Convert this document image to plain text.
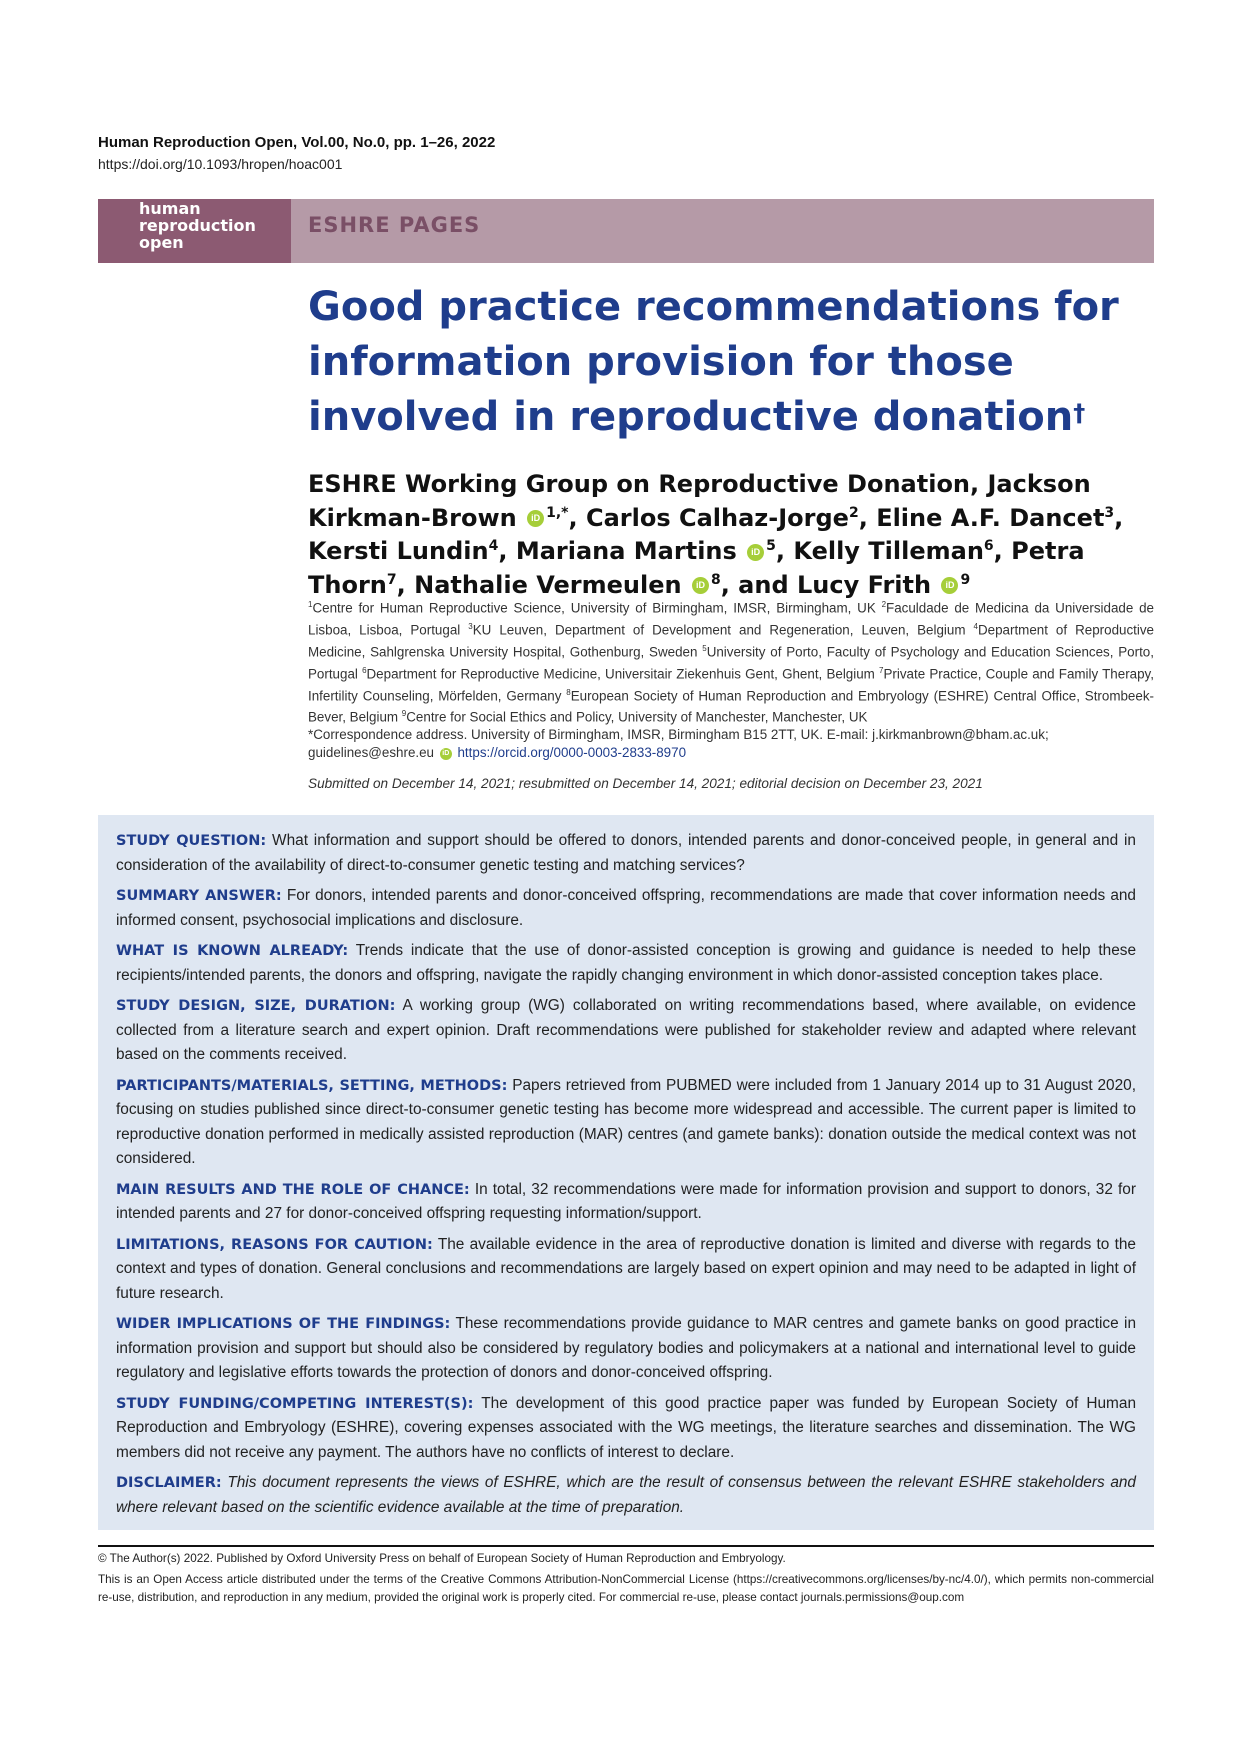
Human Reproduction Open, Vol.00, No.0, pp. 1–26, 2022
https://doi.org/10.1093/hropen/hoac001
human
reproduction
open
ESHRE PAGES
Good practice recommendations for information provision for those involved in reproductive donation†

ESHRE Working Group on Reproductive Donation, Jackson Kirkman-Brown iD $^{1,*}$, Carlos Calhaz-Jorge$^2$, Eline A.F. Dancet$^3$, Kersti Lundin$^4$, Mariana Martins iD $^5$, Kelly Tilleman$^6$, Petra Thorn$^7$, Nathalie Vermeulen iD $^8$, and Lucy Frith iD $^9$

$^1$Centre for Human Reproductive Science, University of Birmingham, IMSR, Birmingham, UK $^2$Faculdade de Medicina da Universidade de Lisboa, Lisboa, Portugal $^3$KU Leuven, Department of Development and Regeneration, Leuven, Belgium $^4$Department of Reproductive Medicine, Sahlgrenska University Hospital, Gothenburg, Sweden $^5$University of Porto, Faculty of Psychology and Education Sciences, Porto, Portugal $^6$Department for Reproductive Medicine, Universitair Ziekenhuis Gent, Ghent, Belgium $^7$Private Practice, Couple and Family Therapy, Infertility Counseling, Mörfelden, Germany $^8$European Society of Human Reproduction and Embryology (ESHRE) Central Office, Strombeek-Bever, Belgium $^9$Centre for Social Ethics and Policy, University of Manchester, Manchester, UK

*Correspondence address. University of Birmingham, IMSR, Birmingham B15 2TT, UK. E-mail: j.kirkmanbrown@bham.ac.uk; guidelines@eshre.eu iD https://orcid.org/0000-0003-2833-8970

Submitted on December 14, 2021; resubmitted on December 14, 2021; editorial decision on December 23, 2021

STUDY QUESTION: What information and support should be offered to donors, intended parents and donor-conceived people, in general and in consideration of the availability of direct-to-consumer genetic testing and matching services?

SUMMARY ANSWER: For donors, intended parents and donor-conceived offspring, recommendations are made that cover information needs and informed consent, psychosocial implications and disclosure.

WHAT IS KNOWN ALREADY: Trends indicate that the use of donor-assisted conception is growing and guidance is needed to help these recipients/intended parents, the donors and offspring, navigate the rapidly changing environment in which donor-assisted conception takes place.

STUDY DESIGN, SIZE, DURATION: A working group (WG) collaborated on writing recommendations based, where available, on evidence collected from a literature search and expert opinion. Draft recommendations were published for stakeholder review and adapted where relevant based on the comments received.

PARTICIPANTS/MATERIALS, SETTING, METHODS: Papers retrieved from PUBMED were included from 1 January 2014 up to 31 August 2020, focusing on studies published since direct-to-consumer genetic testing has become more widespread and accessible. The current paper is limited to reproductive donation performed in medically assisted reproduction (MAR) centres (and gamete banks): donation outside the medical context was not considered.

MAIN RESULTS AND THE ROLE OF CHANCE: In total, 32 recommendations were made for information provision and support to donors, 32 for intended parents and 27 for donor-conceived offspring requesting information/support.

LIMITATIONS, REASONS FOR CAUTION: The available evidence in the area of reproductive donation is limited and diverse with regards to the context and types of donation. General conclusions and recommendations are largely based on expert opinion and may need to be adapted in light of future research.

WIDER IMPLICATIONS OF THE FINDINGS: These recommendations provide guidance to MAR centres and gamete banks on good practice in information provision and support but should also be considered by regulatory bodies and policymakers at a national and international level to guide regulatory and legislative efforts towards the protection of donors and donor-conceived offspring.

STUDY FUNDING/COMPETING INTEREST(S): The development of this good practice paper was funded by European Society of Human Reproduction and Embryology (ESHRE), covering expenses associated with the WG meetings, the literature searches and dissemination. The WG members did not receive any payment. The authors have no conflicts of interest to declare.

DISCLAIMER: This document represents the views of ESHRE, which are the result of consensus between the relevant ESHRE stakeholders and where relevant based on the scientific evidence available at the time of preparation.

© The Author(s) 2022. Published by Oxford University Press on behalf of European Society of Human Reproduction and Embryology.

This is an Open Access article distributed under the terms of the Creative Commons Attribution-NonCommercial License (https://creativecommons.org/licenses/by-nc/4.0/), which permits non-commercial re-use, distribution, and reproduction in any medium, provided the original work is properly cited. For commercial re-use, please contact journals.permissions@oup.com
